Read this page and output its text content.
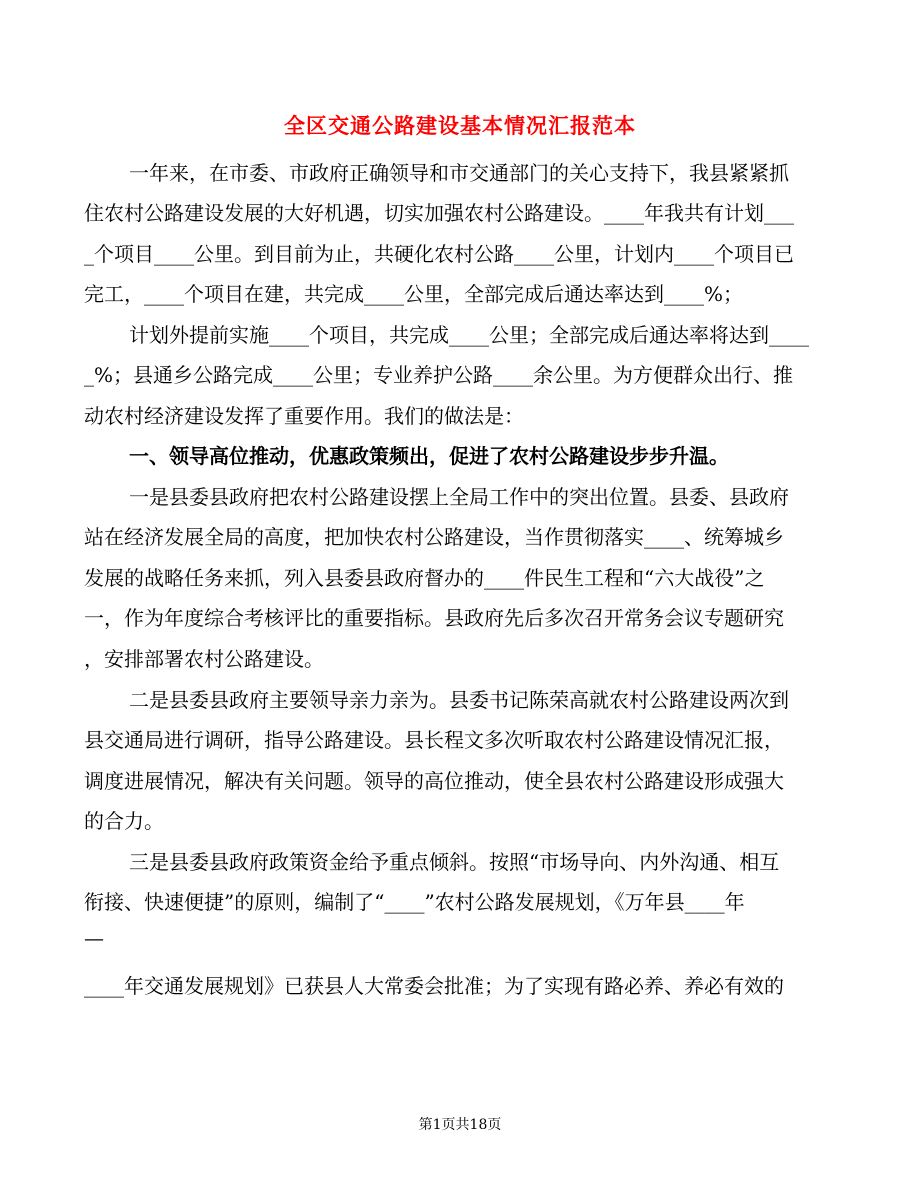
全区交通公路建设基本情况汇报范本
一年来，在市委、市政府正确领导和市交通部门的关心支持下，我县紧紧抓
住农村公路建设发展的大好机遇，切实加强农村公路建设。____年我共有计划___
_个项目____公里。到目前为止，共硬化农村公路____公里，计划内____个项目已
完工，____个项目在建，共完成____公里，全部完成后通达率达到____%；
计划外提前实施____个项目，共完成____公里；全部完成后通达率将达到____
_%；县通乡公路完成____公里；专业养护公路____余公里。为方便群众出行、推
动农村经济建设发挥了重要作用。我们的做法是：
一、领导高位推动，优惠政策频出，促进了农村公路建设步步升温。
一是县委县政府把农村公路建设摆上全局工作中的突出位置。县委、县政府
站在经济发展全局的高度，把加快农村公路建设，当作贯彻落实____、统筹城乡
发展的战略任务来抓，列入县委县政府督办的____件民生工程和“六大战役”之
一，作为年度综合考核评比的重要指标。县政府先后多次召开常务会议专题研究
，安排部署农村公路建设。
二是县委县政府主要领导亲力亲为。县委书记陈荣高就农村公路建设两次到
县交通局进行调研，指导公路建设。县长程文多次听取农村公路建设情况汇报，
调度进展情况，解决有关问题。领导的高位推动，使全县农村公路建设形成强大
的合力。
三是县委县政府政策资金给予重点倾斜。按照“市场导向、内外沟通、相互
衔接、快速便捷”的原则，编制了“____”农村公路发展规划，《万年县____年
—
____年交通发展规划》已获县人大常委会批准；为了实现有路必养、养必有效的
第1页共18页
